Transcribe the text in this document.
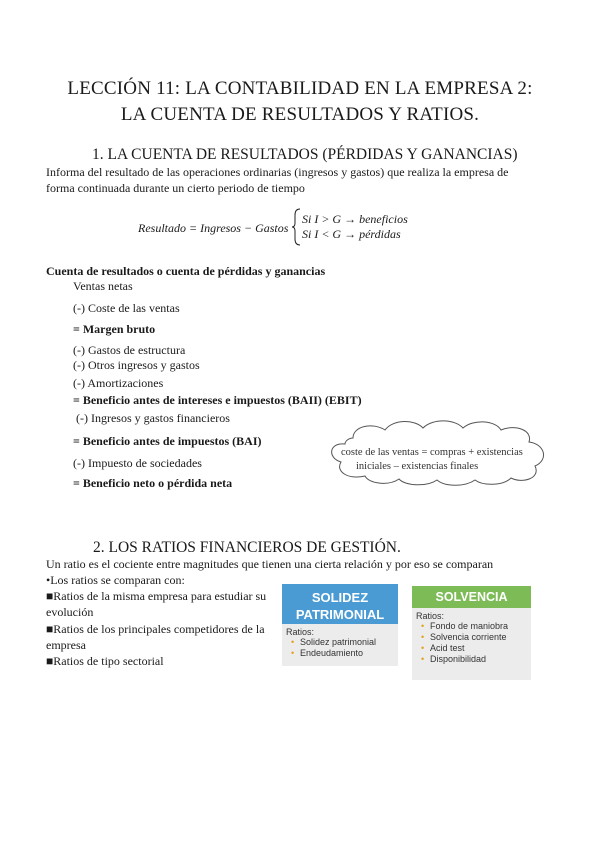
LECCIÓN 11: LA CONTABILIDAD EN LA EMPRESA 2:
LA CUENTA DE RESULTADOS Y RATIOS.
1. LA CUENTA DE RESULTADOS (PÉRDIDAS Y GANANCIAS)
Informa del resultado de las operaciones ordinarias (ingresos y gastos) que realiza la empresa de
forma continuada durante un cierto periodo de tiempo
Resultado = Ingresos − Gastos
Si I > G → beneficios
Si I < G → pérdidas
Cuenta de resultados o cuenta de pérdidas y ganancias
Ventas netas
(-) Coste de las ventas
= Margen bruto
(-) Gastos de estructura
(-) Otros ingresos y gastos
(-) Amortizaciones
= Beneficio antes de intereses e impuestos (BAII) (EBIT)
(-) Ingresos y gastos financieros
= Beneficio antes de impuestos (BAI)
(-) Impuesto de sociedades
= Beneficio neto o pérdida neta
coste de las ventas = compras + existencias
iniciales – existencias finales
2. LOS RATIOS FINANCIEROS DE GESTIÓN.
Un ratio es el cociente entre magnitudes que tienen una cierta relación y por eso se comparan
•Los ratios se comparan con:
■Ratios de la misma empresa para estudiar su
evolución
■Ratios de los principales competidores de la
empresa
■Ratios de tipo sectorial
SOLIDEZ
PATRIMONIAL
Ratios:
• Solidez patrimonial
• Endeudamiento
SOLVENCIA
Ratios:
• Fondo de maniobra
• Solvencia corriente
• Acid test
• Disponibilidad
